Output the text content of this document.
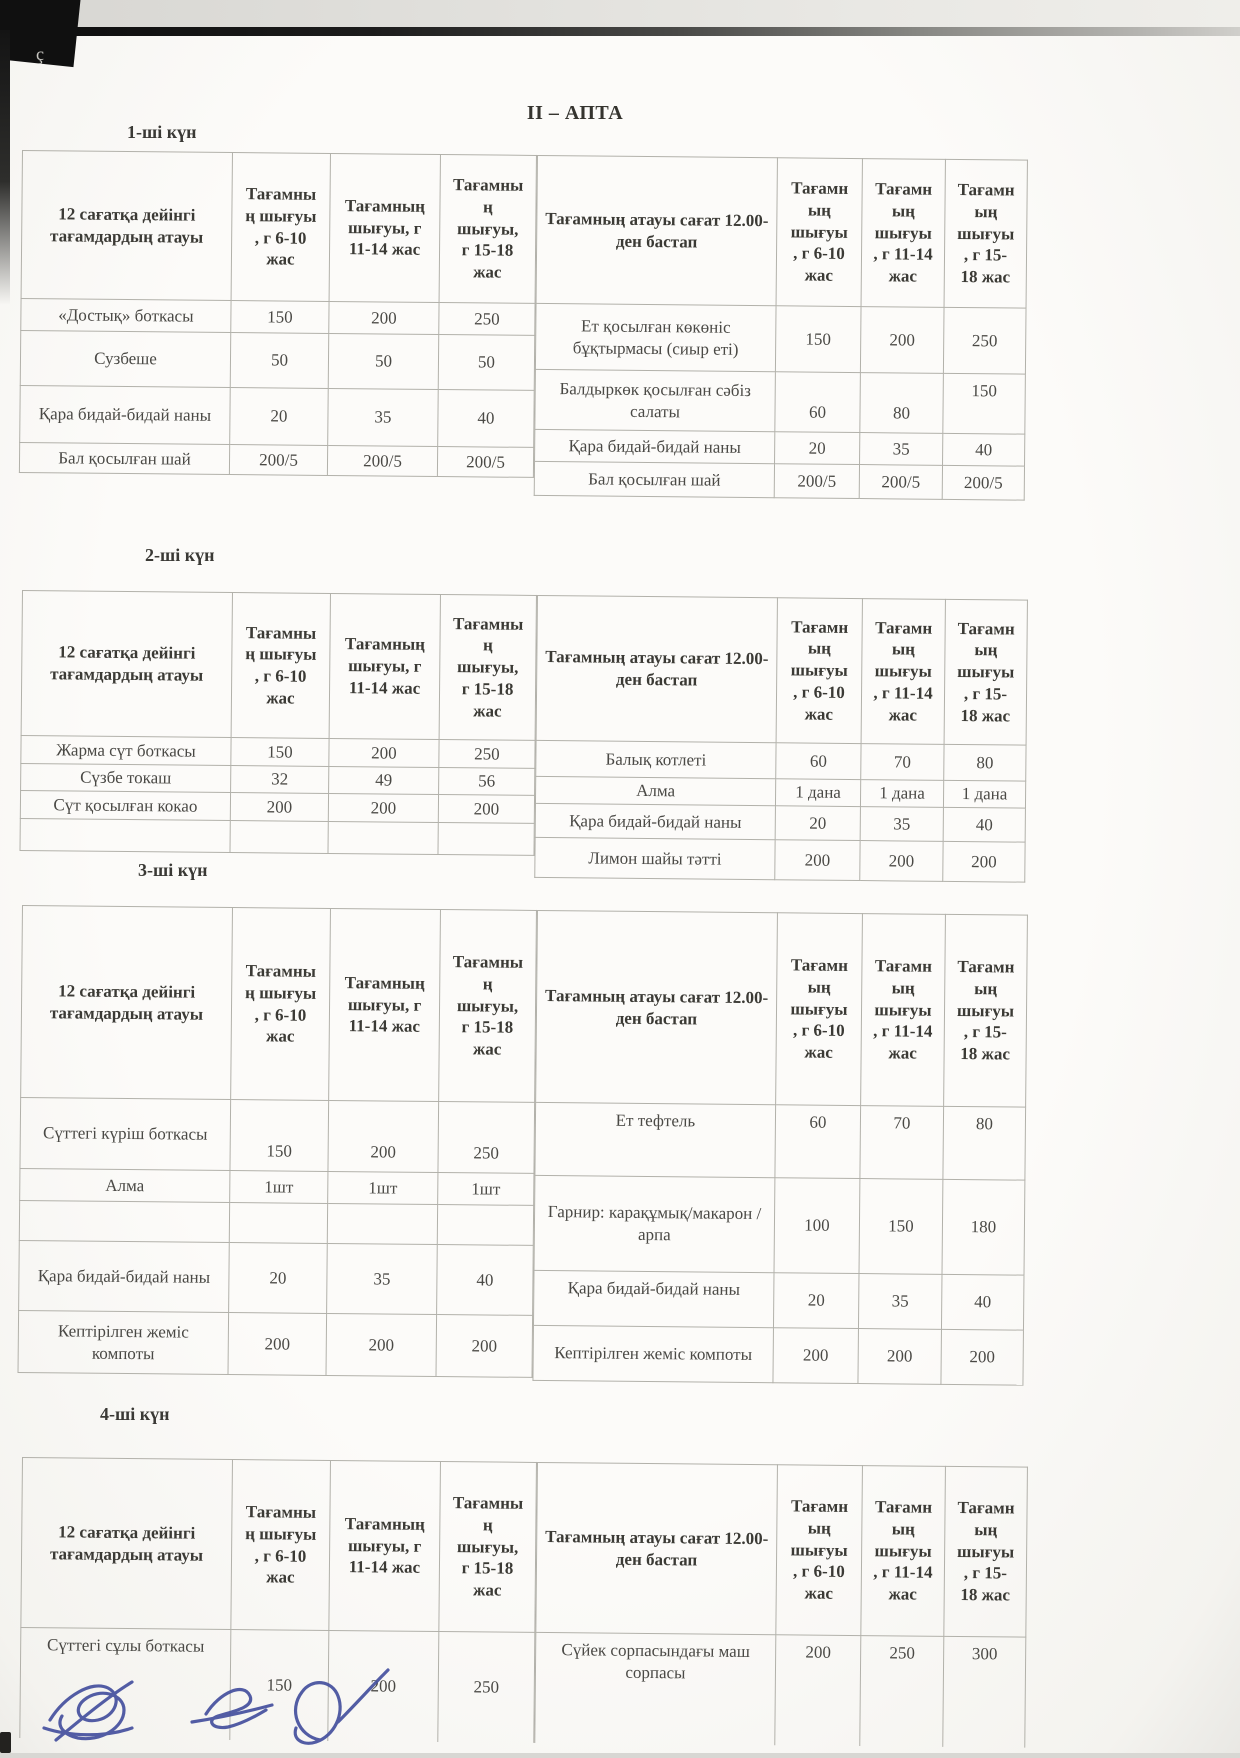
ІІ – АПТА
1-ші күн
12 сағатқа дейінгі тағамдардың атауы	Тағамның шығуы , г 6-10 жас	Тағамның шығуы, г 11-14 жас	Тағамның шығуы, г 15-18 жас
«Достық» боткасы	150	200	250
Сузбеше	50	50	50
Қара бидай-бидай наны	20	35	40
Бал қосылған шай	200/5	200/5	200/5
Тағамның атауы сағат 12.00-ден бастап	Тағамның шығуы , г 6-10 жас	Тағамның шығуы, г 11-14 жас	Тағамның шығуы, г 15-18 жас
Ет қосылған көкөніс бұқтырмасы (сиыр еті)	150	200	250
Балдыркөк қосылған сәбіз салаты	60	80	150
Қара бидай-бидай наны	20	35	40
Бал қосылған шай	200/5	200/5	200/5
2-ші күн
12 сағатқа дейінгі тағамдардың атауы	Тағамның шығуы , г 6-10 жас	Тағамның шығуы, г 11-14 жас	Тағамның шығуы, г 15-18 жас
Жарма сүт боткасы	150	200	250
Сүзбе токаш	32	49	56
Сүт қосылған кокао	200	200	200

Тағамның атауы сағат 12.00-ден бастап	Тағамның шығуы , г 6-10 жас	Тағамның шығуы, г 11-14 жас	Тағамның шығуы, г 15-18 жас
Балық котлеті	60	70	80
Алма	1 дана	1 дана	1 дана
Қара бидай-бидай наны	20	35	40
Лимон шайы тәтті	200	200	200
3-ші күн
12 сағатқа дейінгі тағамдардың атауы	Тағамның шығуы , г 6-10 жас	Тағамның шығуы, г 11-14 жас	Тағамның шығуы, г 15-18 жас
Сүттегі күріш боткасы	150	200	250
Алма	1шт	1шт	1шт

Қара бидай-бидай наны	20	35	40
Кептірілген жеміс компоты	200	200	200
Тағамның атауы сағат 12.00-ден бастап	Тағамның шығуы , г 6-10 жас	Тағамның шығуы, г 11-14 жас	Тағамның шығуы, г 15-18 жас
Ет тефтель	60	70	80
Гарнир: карақұмық/макарон / арпа	100	150	180
Қара бидай-бидай наны	20	35	40
Кептірілген жеміс компоты	200	200	200
4-ші күн
12 сағатқа дейінгі тағамдардың атауы	Тағамның шығуы , г 6-10 жас	Тағамның шығуы, г 11-14 жас	Тағамның шығуы, г 15-18 жас
Сүттегі сұлы боткасы	150	200	250
Тағамның атауы сағат 12.00-ден бастап	Тағамның шығуы , г 6-10 жас	Тағамның шығуы, г 11-14 жас	Тағамның шығуы, г 15-18 жас
Сүйек сорпасындағы маш сорпасы	200	250	300
ç
